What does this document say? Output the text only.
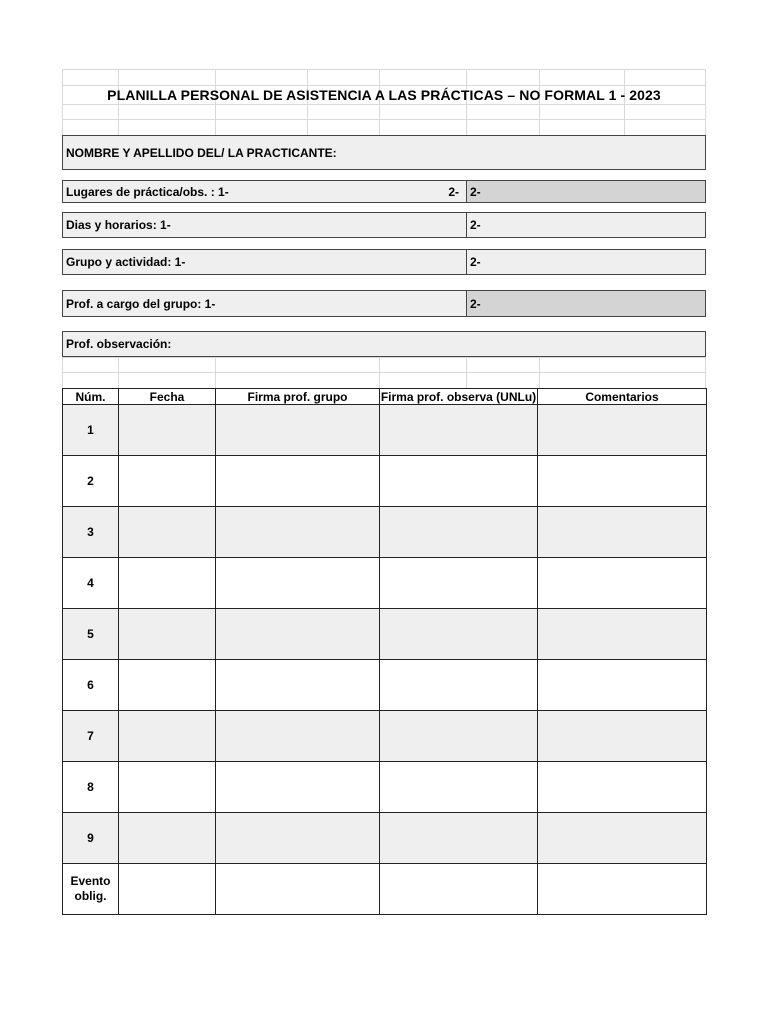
PLANILLA PERSONAL DE ASISTENCIA A LAS PRÁCTICAS – NO FORMAL 1 - 2023
NOMBRE Y APELLIDO DEL/ LA PRACTICANTE:
Lugares de práctica/obs. : 1-	2- 2-
Dias y horarios: 1-	2-
Grupo y actividad: 1-	2-
Prof. a cargo del grupo: 1-	2-
Prof. observación:
Núm.	Fecha	Firma prof. grupo	Firma prof. observa (UNLu)	Comentarios
1				
2				
3				
4				
5				
6				
7				
8				
9				
Evento oblig.				
